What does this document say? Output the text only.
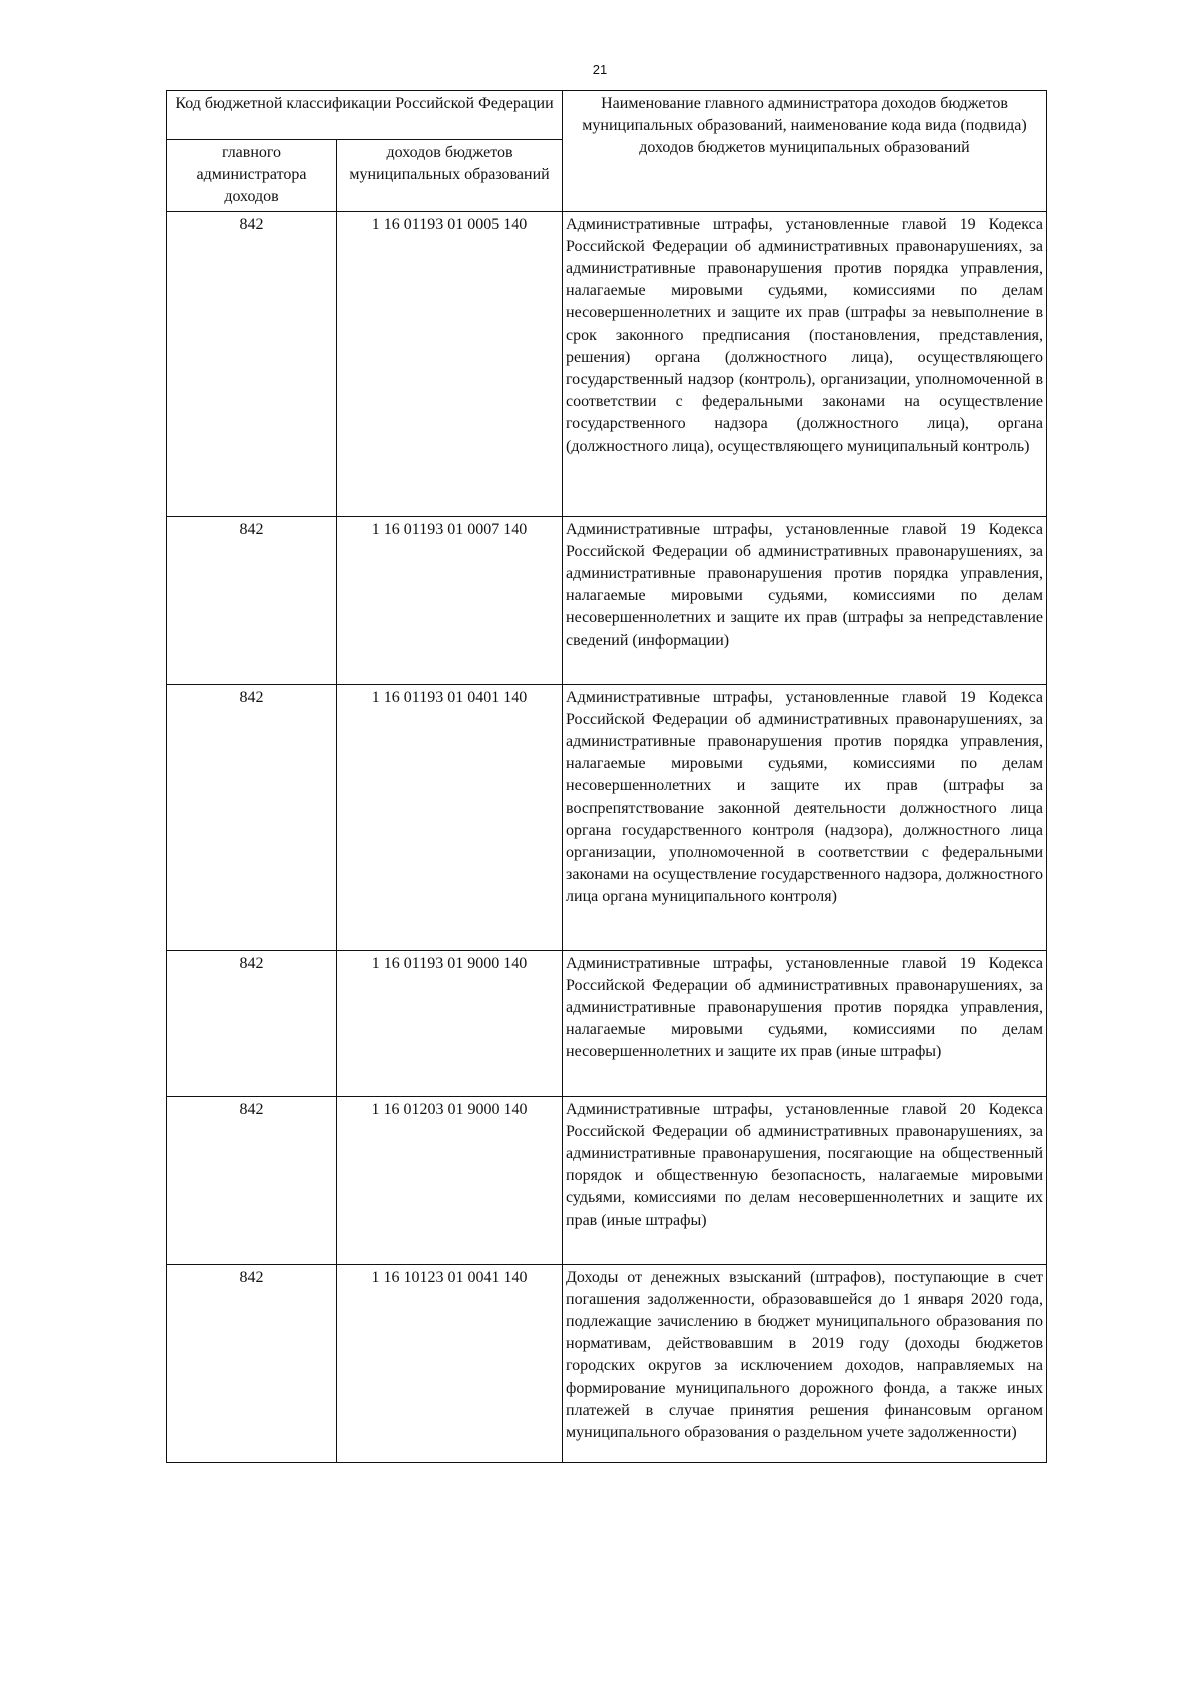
21
Код бюджетной классификации Российской Федерации		Наименование главного администратора доходов бюджетов муниципальных образований, наименование кода вида (подвида) доходов бюджетов муниципальных образований
главного администратора доходов	доходов бюджетов муниципальных образований	
842	1 16 01193 01 0005 140	Административные штрафы, установленные главой 19 Кодекса Российской Федерации об административных правонарушениях, за административные правонарушения против порядка управления, налагаемые мировыми судьями, комиссиями по делам несовершеннолетних и защите их прав (штрафы за невыполнение в срок законного предписания (постановления, представления, решения) органа (должностного лица), осуществляющего государственный надзор (контроль), организации, уполномоченной в соответствии с федеральными законами на осуществление государственного надзора (должностного лица), органа (должностного лица), осуществляющего муниципальный контроль)
842	1 16 01193 01 0007 140	Административные штрафы, установленные главой 19 Кодекса Российской Федерации об административных правонарушениях, за административные правонарушения против порядка управления, налагаемые мировыми судьями, комиссиями по делам несовершеннолетних и защите их прав (штрафы за непредставление сведений (информации)
842	1 16 01193 01 0401 140	Административные штрафы, установленные главой 19 Кодекса Российской Федерации об административных правонарушениях, за административные правонарушения против порядка управления, налагаемые мировыми судьями, комиссиями по делам несовершеннолетних и защите их прав (штрафы за воспрепятствование законной деятельности должностного лица органа государственного контроля (надзора), должностного лица организации, уполномоченной в соответствии с федеральными законами на осуществление государственного надзора, должностного лица органа муниципального контроля)
842	1 16 01193 01 9000 140	Административные штрафы, установленные главой 19 Кодекса Российской Федерации об административных правонарушениях, за административные правонарушения против порядка управления, налагаемые мировыми судьями, комиссиями по делам несовершеннолетних и защите их прав (иные штрафы)
842	1 16 01203 01 9000 140	Административные штрафы, установленные главой 20 Кодекса Российской Федерации об административных правонарушениях, за административные правонарушения, посягающие на общественный порядок и общественную безопасность, налагаемые мировыми судьями, комиссиями по делам несовершеннолетних и защите их прав (иные штрафы)
842	1 16 10123 01 0041 140	Доходы от денежных взысканий (штрафов), поступающие в счет погашения задолженности, образовавшейся до 1 января 2020 года, подлежащие зачислению в бюджет муниципального образования по нормативам, действовавшим в 2019 году (доходы бюджетов городских округов за исключением доходов, направляемых на формирование муниципального дорожного фонда, а также иных платежей в случае принятия решения финансовым органом муниципального образования о раздельном учете задолженности)
